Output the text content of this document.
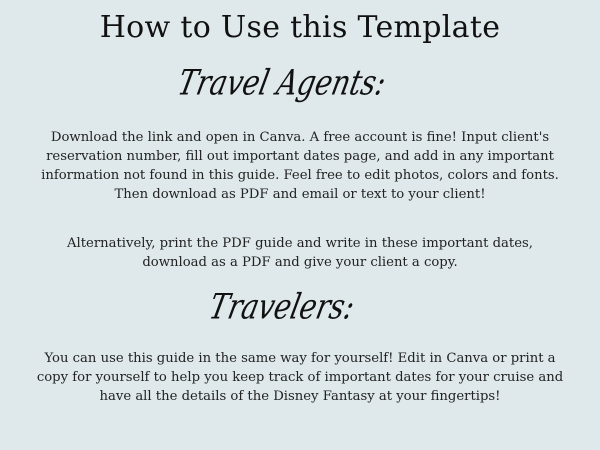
How to Use this Template
Travel Agents:
Download the link and open in Canva. A free account is fine! Input client's reservation number, fill out important dates page, and add in any important information not found in this guide. Feel free to edit photos, colors and fonts. Then download as PDF and email or text to your client!
Alternatively, print the PDF guide and write in these important dates, download as a PDF and give your client a copy.
Travelers:
You can use this guide in the same way for yourself! Edit in Canva or print a copy for yourself to help you keep track of important dates for your cruise and have all the details of the Disney Fantasy at your fingertips!
